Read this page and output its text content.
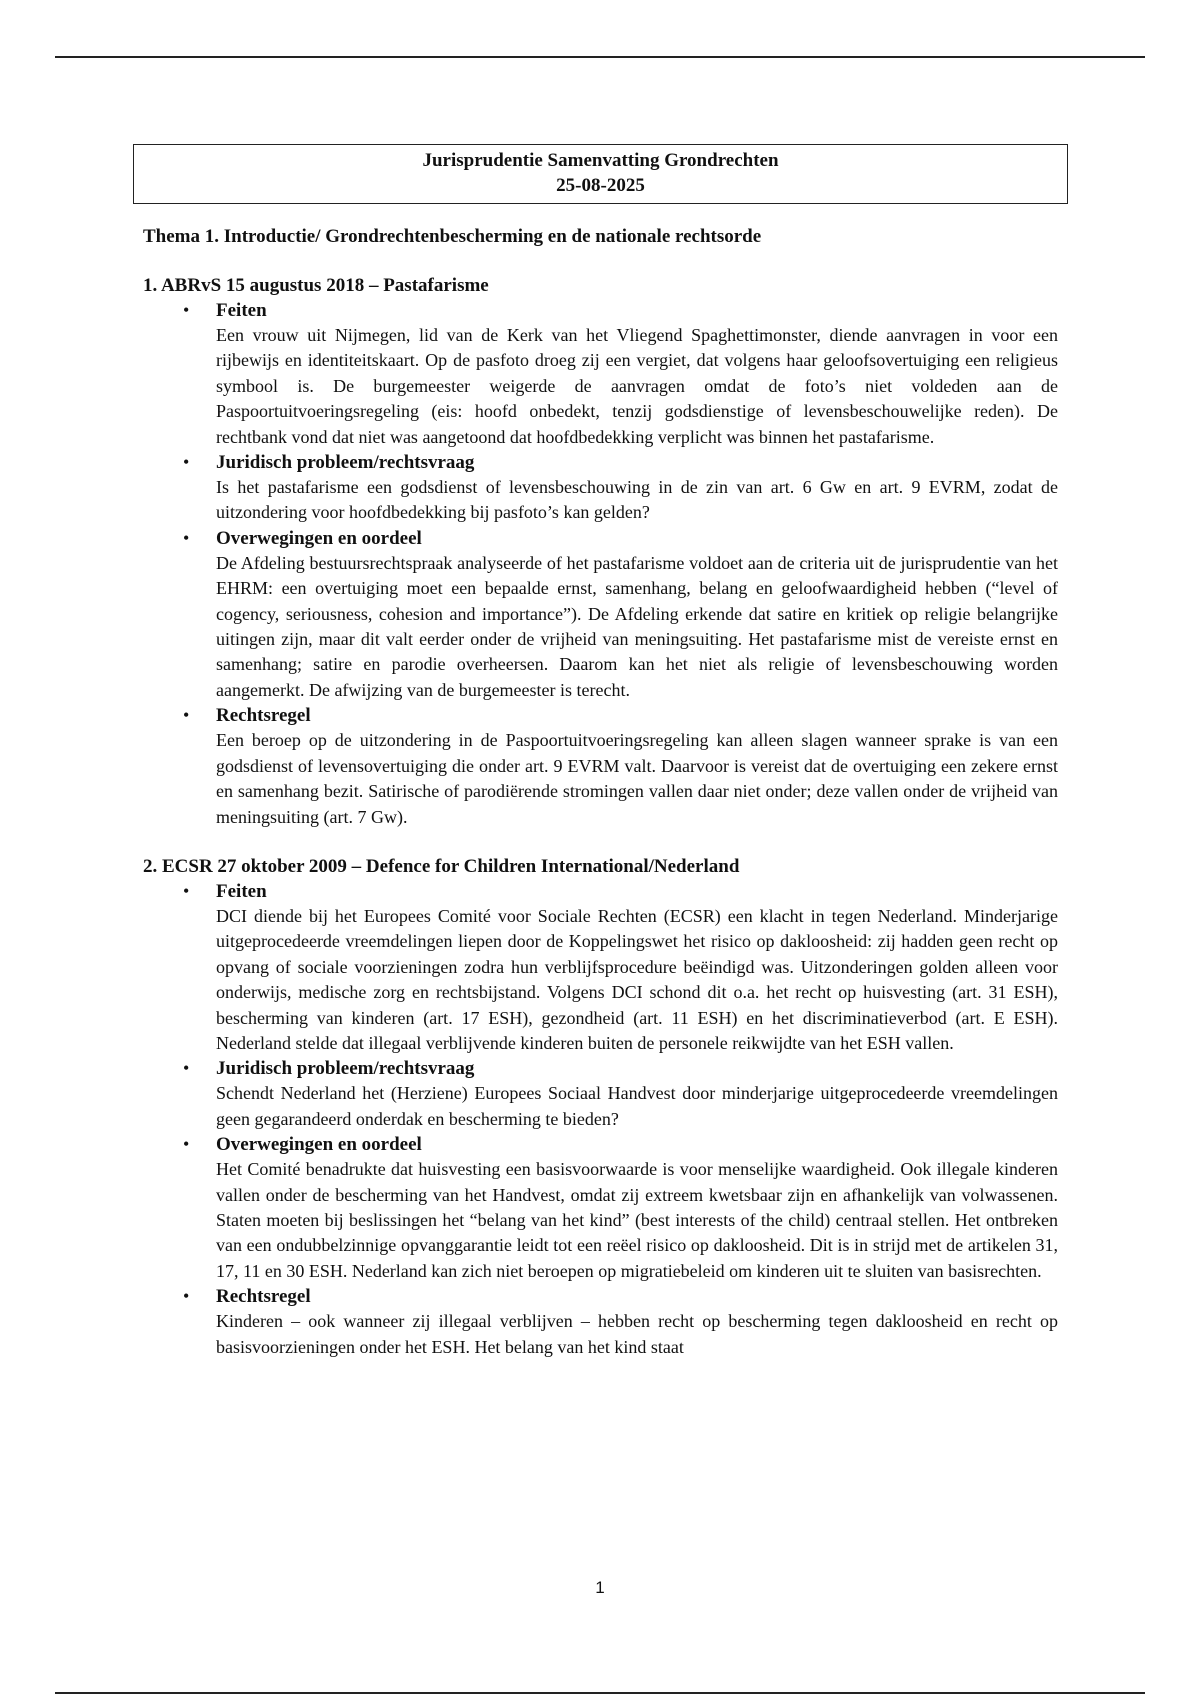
Jurisprudentie Samenvatting Grondrechten
25-08-2025
Thema 1. Introductie/ Grondrechtenbescherming en de nationale rechtsorde
1. ABRvS 15 augustus 2018 – Pastafarisme
• Feiten
Een vrouw uit Nijmegen, lid van de Kerk van het Vliegend Spaghettimonster, diende aanvragen in voor een rijbewijs en identiteitskaart. Op de pasfoto droeg zij een vergiet, dat volgens haar geloofsovertuiging een religieus symbool is. De burgemeester weigerde de aanvragen omdat de foto’s niet voldeden aan de Paspoortuitvoeringsregeling (eis: hoofd onbedekt, tenzij godsdienstige of levensbeschouwelijke reden). De rechtbank vond dat niet was aangetoond dat hoofdbedekking verplicht was binnen het pastafarisme.
• Juridisch probleem/rechtsvraag
Is het pastafarisme een godsdienst of levensbeschouwing in de zin van art. 6 Gw en art. 9 EVRM, zodat de uitzondering voor hoofdbedekking bij pasfoto’s kan gelden?
• Overwegingen en oordeel
De Afdeling bestuursrechtspraak analyseerde of het pastafarisme voldoet aan de criteria uit de jurisprudentie van het EHRM: een overtuiging moet een bepaalde ernst, samenhang, belang en geloofwaardigheid hebben (“level of cogency, seriousness, cohesion and importance”). De Afdeling erkende dat satire en kritiek op religie belangrijke uitingen zijn, maar dit valt eerder onder de vrijheid van meningsuiting. Het pastafarisme mist de vereiste ernst en samenhang; satire en parodie overheersen. Daarom kan het niet als religie of levensbeschouwing worden aangemerkt. De afwijzing van de burgemeester is terecht.
• Rechtsregel
Een beroep op de uitzondering in de Paspoortuitvoeringsregeling kan alleen slagen wanneer sprake is van een godsdienst of levensovertuiging die onder art. 9 EVRM valt. Daarvoor is vereist dat de overtuiging een zekere ernst en samenhang bezit. Satirische of parodiërende stromingen vallen daar niet onder; deze vallen onder de vrijheid van meningsuiting (art. 7 Gw).
2. ECSR 27 oktober 2009 – Defence for Children International/Nederland
• Feiten
DCI diende bij het Europees Comité voor Sociale Rechten (ECSR) een klacht in tegen Nederland. Minderjarige uitgeprocedeerde vreemdelingen liepen door de Koppelingswet het risico op dakloosheid: zij hadden geen recht op opvang of sociale voorzieningen zodra hun verblijfsprocedure beëindigd was. Uitzonderingen golden alleen voor onderwijs, medische zorg en rechtsbijstand. Volgens DCI schond dit o.a. het recht op huisvesting (art. 31 ESH), bescherming van kinderen (art. 17 ESH), gezondheid (art. 11 ESH) en het discriminatieverbod (art. E ESH). Nederland stelde dat illegaal verblijvende kinderen buiten de personele reikwijdte van het ESH vallen.
• Juridisch probleem/rechtsvraag
Schendt Nederland het (Herziene) Europees Sociaal Handvest door minderjarige uitgeprocedeerde vreemdelingen geen gegarandeerd onderdak en bescherming te bieden?
• Overwegingen en oordeel
Het Comité benadrukte dat huisvesting een basisvoorwaarde is voor menselijke waardigheid. Ook illegale kinderen vallen onder de bescherming van het Handvest, omdat zij extreem kwetsbaar zijn en afhankelijk van volwassenen. Staten moeten bij beslissingen het “belang van het kind” (best interests of the child) centraal stellen. Het ontbreken van een ondubbelzinnige opvanggarantie leidt tot een reëel risico op dakloosheid. Dit is in strijd met de artikelen 31, 17, 11 en 30 ESH. Nederland kan zich niet beroepen op migratiebeleid om kinderen uit te sluiten van basisrechten.
• Rechtsregel
Kinderen – ook wanneer zij illegaal verblijven – hebben recht op bescherming tegen dakloosheid en recht op basisvoorzieningen onder het ESH. Het belang van het kind staat
1
